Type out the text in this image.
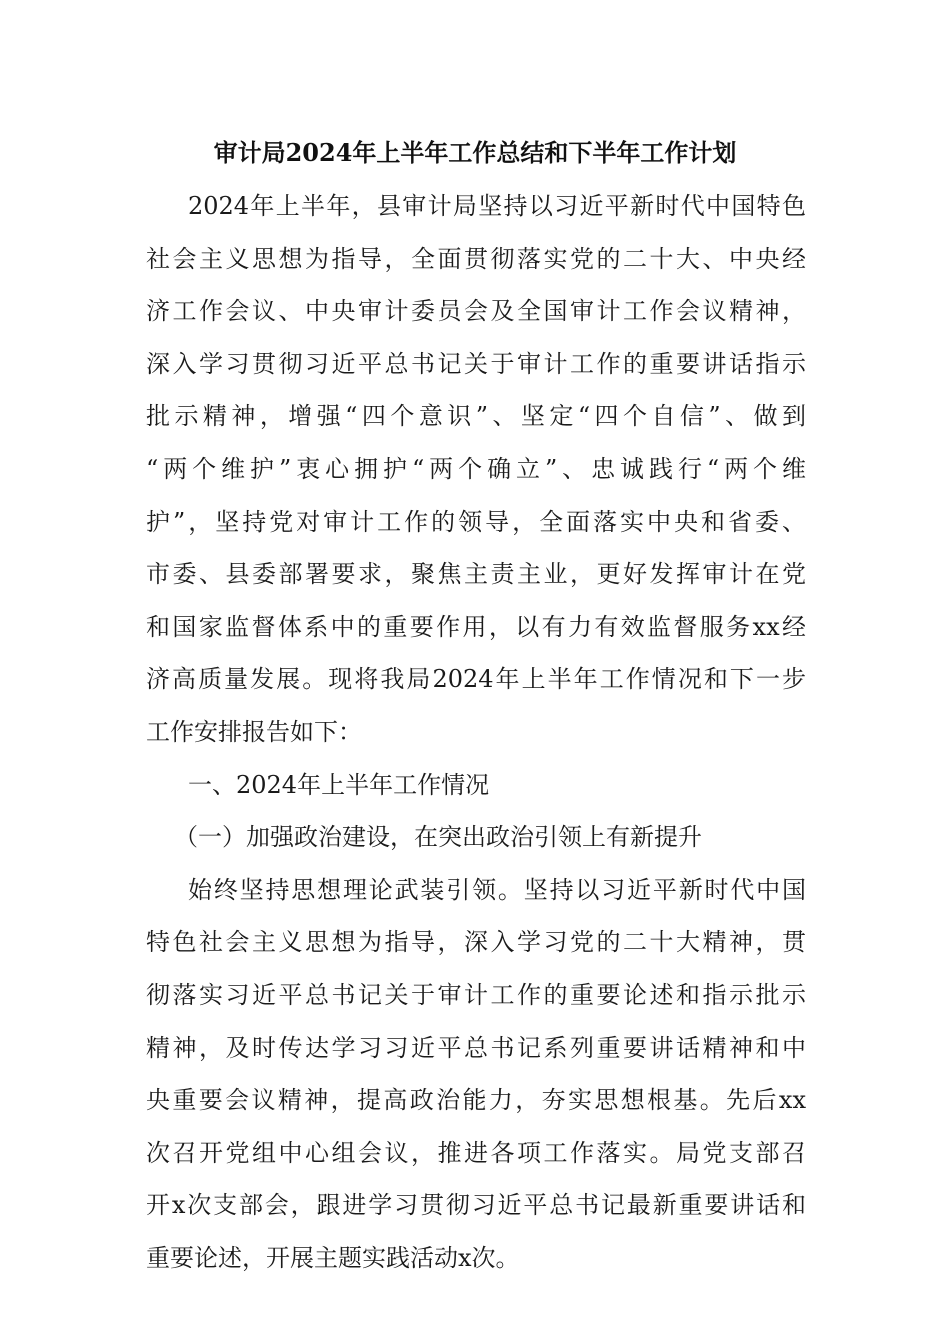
审计局2024年上半年工作总结和下半年工作计划
2024年上半年，县审计局坚持以习近平新时代中国特色
社会主义思想为指导，全面贯彻落实党的二十大、中央经
济工作会议、中央审计委员会及全国审计工作会议精神，
深入学习贯彻习近平总书记关于审计工作的重要讲话指示
批示精神，增强“四个意识”、坚定“四个自信”、做到
“两个维护”衷心拥护“两个确立”、忠诚践行“两个维
护”，坚持党对审计工作的领导，全面落实中央和省委、
市委、县委部署要求，聚焦主责主业，更好发挥审计在党
和国家监督体系中的重要作用，以有力有效监督服务xx经
济高质量发展。现将我局2024年上半年工作情况和下一步
工作安排报告如下：
一、2024年上半年工作情况
（一）加强政治建设，在突出政治引领上有新提升
始终坚持思想理论武装引领。坚持以习近平新时代中国
特色社会主义思想为指导，深入学习党的二十大精神，贯
彻落实习近平总书记关于审计工作的重要论述和指示批示
精神，及时传达学习习近平总书记系列重要讲话精神和中
央重要会议精神，提高政治能力，夯实思想根基。先后xx
次召开党组中心组会议，推进各项工作落实。局党支部召
开x次支部会，跟进学习贯彻习近平总书记最新重要讲话和
重要论述，开展主题实践活动x次。
